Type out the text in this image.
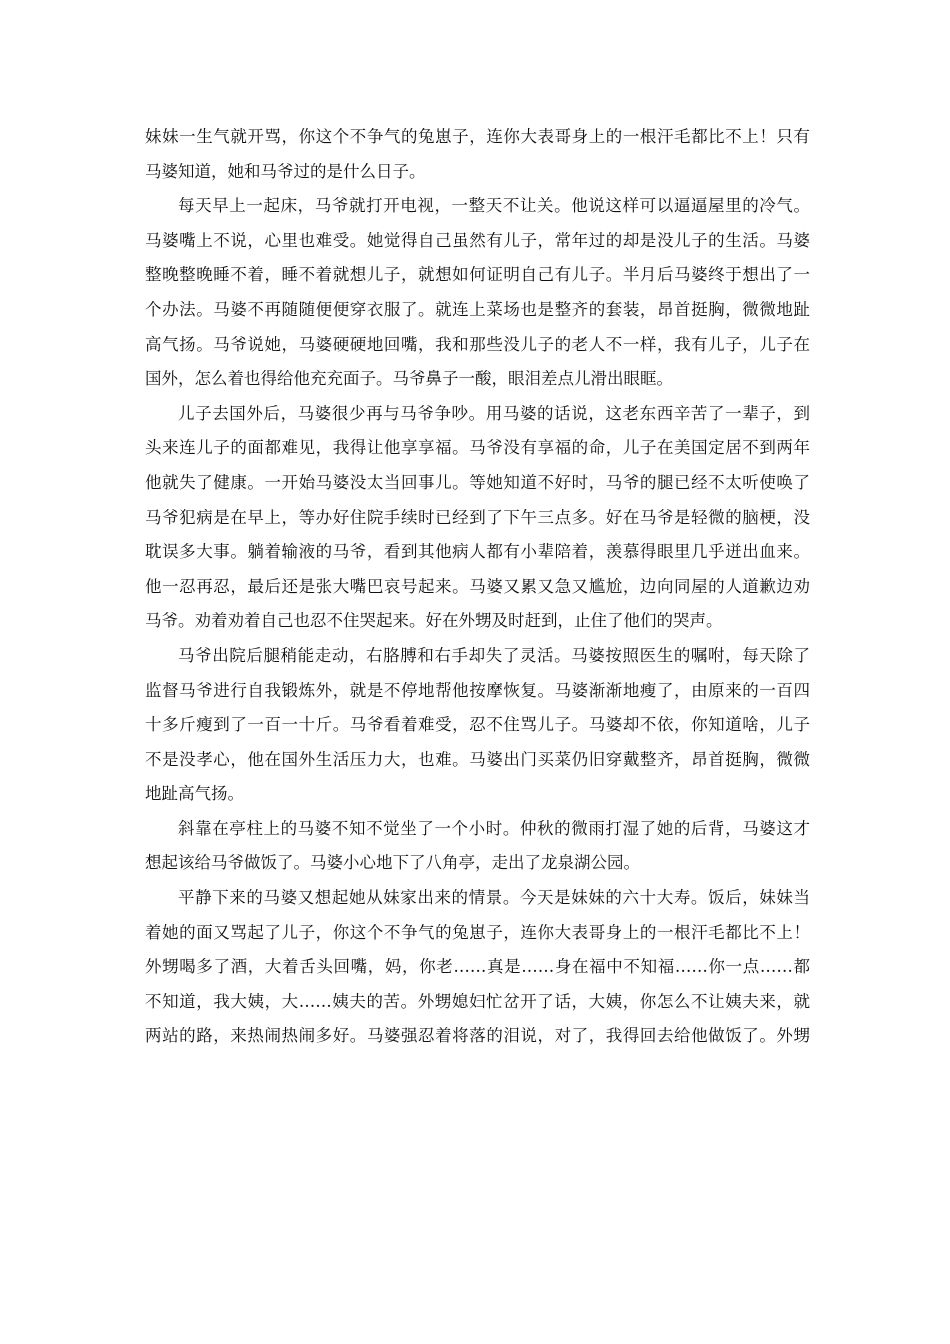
妹妹一生气就开骂，你这个不争气的兔崽子，连你大表哥身上的一根汗毛都比不上！只有
马婆知道，她和马爷过的是什么日子。
每天早上一起床，马爷就打开电视，一整天不让关。他说这样可以逼逼屋里的冷气。
马婆嘴上不说，心里也难受。她觉得自己虽然有儿子，常年过的却是没儿子的生活。马婆
整晚整晚睡不着，睡不着就想儿子，就想如何证明自己有儿子。半月后马婆终于想出了一
个办法。马婆不再随随便便穿衣服了。就连上菜场也是整齐的套装，昂首挺胸，微微地趾
高气扬。马爷说她，马婆硬硬地回嘴，我和那些没儿子的老人不一样，我有儿子，儿子在
国外，怎么着也得给他充充面子。马爷鼻子一酸，眼泪差点儿滑出眼眶。
儿子去国外后，马婆很少再与马爷争吵。用马婆的话说，这老东西辛苦了一辈子，到
头来连儿子的面都难见，我得让他享享福。马爷没有享福的命，儿子在美国定居不到两年
他就失了健康。一开始马婆没太当回事儿。等她知道不好时，马爷的腿已经不太听使唤了
马爷犯病是在早上，等办好住院手续时已经到了下午三点多。好在马爷是轻微的脑梗，没
耽误多大事。躺着输液的马爷，看到其他病人都有小辈陪着，羡慕得眼里几乎迸出血来。
他一忍再忍，最后还是张大嘴巴哀号起来。马婆又累又急又尴尬，边向同屋的人道歉边劝
马爷。劝着劝着自己也忍不住哭起来。好在外甥及时赶到，止住了他们的哭声。
马爷出院后腿稍能走动，右胳膊和右手却失了灵活。马婆按照医生的嘱咐，每天除了
监督马爷进行自我锻炼外，就是不停地帮他按摩恢复。马婆渐渐地瘦了，由原来的一百四
十多斤瘦到了一百一十斤。马爷看着难受，忍不住骂儿子。马婆却不依，你知道啥，儿子
不是没孝心，他在国外生活压力大，也难。马婆出门买菜仍旧穿戴整齐，昂首挺胸，微微
地趾高气扬。
斜靠在亭柱上的马婆不知不觉坐了一个小时。仲秋的微雨打湿了她的后背，马婆这才
想起该给马爷做饭了。马婆小心地下了八角亭，走出了龙泉湖公园。
平静下来的马婆又想起她从妹家出来的情景。今天是妹妹的六十大寿。饭后，妹妹当
着她的面又骂起了儿子，你这个不争气的兔崽子，连你大表哥身上的一根汗毛都比不上！
外甥喝多了酒，大着舌头回嘴，妈，你老……真是……身在福中不知福……你一点……都
不知道，我大姨，大……姨夫的苦。外甥媳妇忙岔开了话，大姨，你怎么不让姨夫来，就
两站的路，来热闹热闹多好。马婆强忍着将落的泪说，对了，我得回去给他做饭了。外甥
